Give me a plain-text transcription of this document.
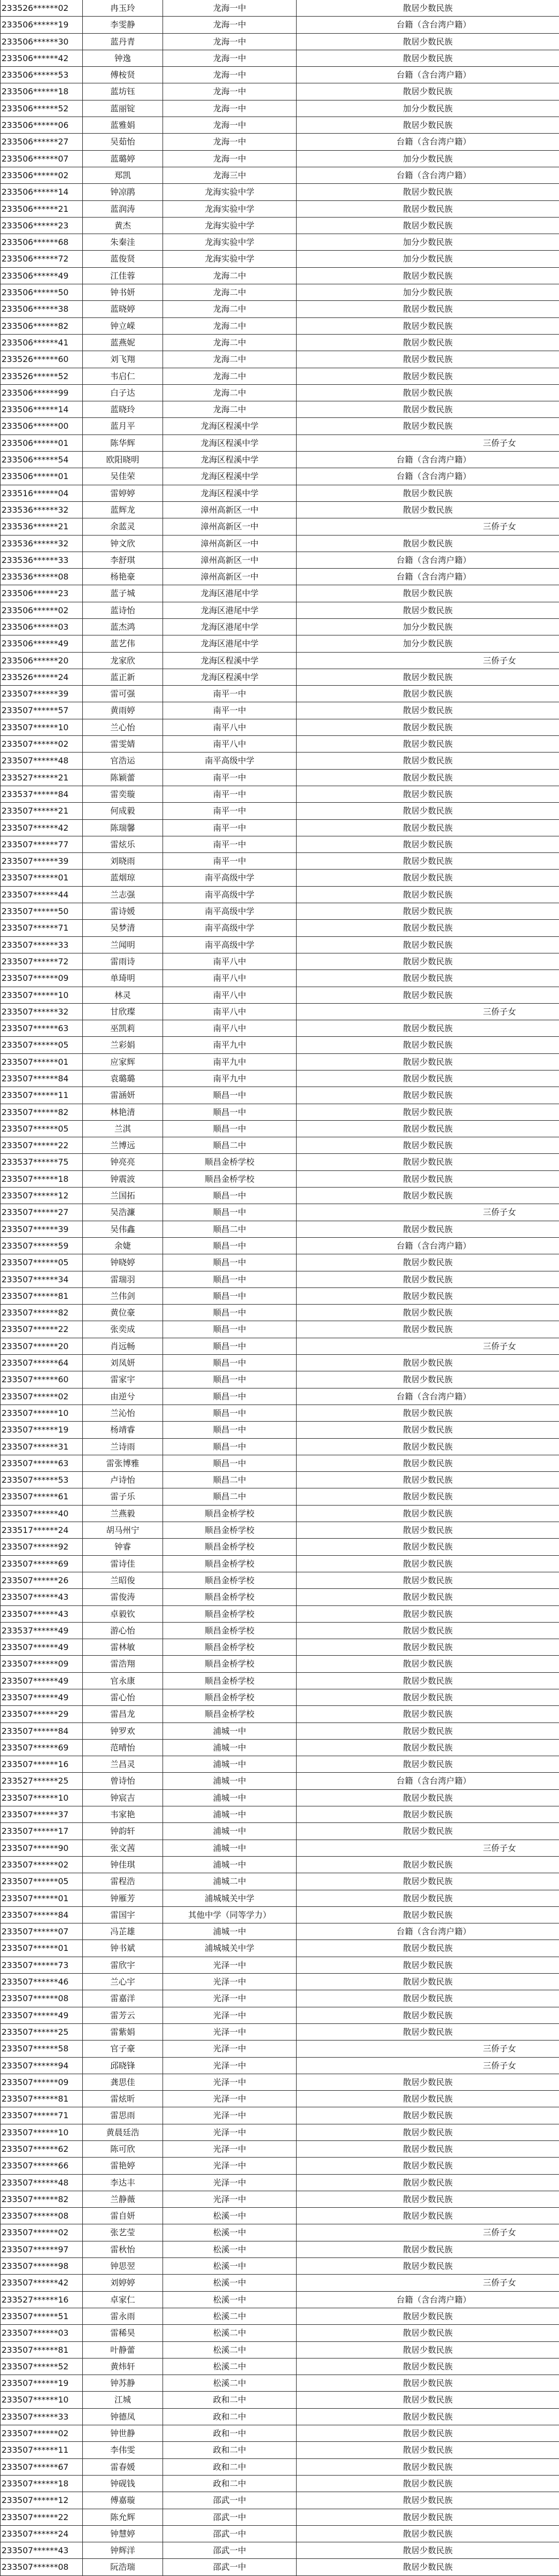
233526******02	冉玉玲	龙海一中	散居少数民族
233506******19	李雯静	龙海一中	台籍（含台湾户籍）
233506******30	蓝丹青	龙海一中	散居少数民族
233506******42	钟逸	龙海一中	散居少数民族
233506******53	傅桉贤	龙海一中	台籍（含台湾户籍）
233506******18	蓝坊钰	龙海一中	散居少数民族
233506******52	蓝丽锭	龙海一中	加分少数民族
233506******06	蓝雅娟	龙海一中	散居少数民族
233506******27	吴茹怡	龙海一中	台籍（含台湾户籍）
233506******07	蓝璐婷	龙海一中	加分少数民族
233506******02	郑凯	龙海三中	台籍（含台湾户籍）
233506******14	钟凉鹃	龙海实验中学	散居少数民族
233506******21	蓝润涛	龙海实验中学	散居少数民族
233506******23	黄杰	龙海实验中学	散居少数民族
233506******68	朱秦洼	龙海实验中学	加分少数民族
233506******72	蓝俊贤	龙海实验中学	加分少数民族
233506******49	江佳蓉	龙海二中	散居少数民族
233506******50	钟书妍	龙海二中	加分少数民族
233506******38	蓝晓婷	龙海二中	散居少数民族
233506******82	钟立嵘	龙海二中	散居少数民族
233506******41	蓝燕妮	龙海二中	散居少数民族
233526******60	刘飞翔	龙海二中	散居少数民族
233526******52	韦启仁	龙海二中	散居少数民族
233506******99	白子达	龙海二中	散居少数民族
233506******14	蓝晓玲	龙海二中	散居少数民族
233506******00	蓝月平	龙海区程溪中学	散居少数民族
233506******01	陈华辉	龙海区程溪中学	三侨子女
233506******54	欧阳晓明	龙海区程溪中学	台籍（含台湾户籍）
233506******01	吴佳荣	龙海区程溪中学	台籍（含台湾户籍）
233516******04	雷婷婷	龙海区程溪中学	散居少数民族
233536******32	蓝辉龙	漳州高新区一中	散居少数民族
233536******21	余蓝灵	漳州高新区一中	三侨子女
233536******32	钟文欣	漳州高新区一中	散居少数民族
233536******33	李舒琪	漳州高新区一中	台籍（含台湾户籍）
233536******08	杨艳豪	漳州高新区一中	台籍（含台湾户籍）
233506******23	蓝子城	龙海区港尾中学	散居少数民族
233506******02	蓝诗怡	龙海区港尾中学	散居少数民族
233506******03	蓝杰鸿	龙海区港尾中学	加分少数民族
233506******49	蓝艺伟	龙海区港尾中学	加分少数民族
233506******20	龙家欣	龙海区程溪中学	三侨子女
233526******24	蓝正新	龙海区程溪中学	散居少数民族
233507******39	雷可强	南平一中	散居少数民族
233507******57	黄雨婷	南平一中	散居少数民族
233507******10	兰心怡	南平八中	散居少数民族
233507******02	雷雯婧	南平八中	散居少数民族
233507******48	官浩运	南平高级中学	散居少数民族
233527******21	陈颖蕾	南平一中	散居少数民族
233537******84	雷奕璇	南平一中	散居少数民族
233507******21	何成毅	南平一中	散居少数民族
233507******42	陈瑞馨	南平一中	散居少数民族
233507******77	雷炫乐	南平一中	散居少数民族
233507******39	刘晓雨	南平一中	散居少数民族
233507******01	蓝烟琼	南平高级中学	散居少数民族
233507******44	兰志强	南平高级中学	散居少数民族
233507******50	雷诗媛	南平高级中学	散居少数民族
233507******71	吴梦清	南平高级中学	散居少数民族
233507******33	兰闻明	南平高级中学	散居少数民族
233507******72	雷雨诗	南平八中	散居少数民族
233507******09	单琦明	南平八中	散居少数民族
233507******10	林灵	南平八中	散居少数民族
233507******32	甘欣璨	南平八中	三侨子女
233507******63	巫凯莉	南平八中	散居少数民族
233507******05	兰彩娟	南平九中	散居少数民族
233507******01	应家辉	南平九中	散居少数民族
233507******84	袁璐璐	南平九中	散居少数民族
233507******11	雷涵妍	顺昌一中	散居少数民族
233507******82	林艳清	顺昌一中	散居少数民族
233507******05	兰淇	顺昌一中	散居少数民族
233507******22	兰博远	顺昌二中	散居少数民族
233537******75	钟亮亮	顺昌金桥学校	散居少数民族
233507******18	钟震波	顺昌金桥学校	散居少数民族
233507******12	兰国拓	顺昌一中	散居少数民族
233507******27	吴浩濂	顺昌一中	三侨子女
233507******39	吴伟鑫	顺昌二中	散居少数民族
233507******59	余婕	顺昌一中	台籍（含台湾户籍）
233507******05	钟晓婷	顺昌一中	散居少数民族
233507******34	雷瑞羽	顺昌一中	散居少数民族
233507******81	兰伟剑	顺昌一中	散居少数民族
233507******82	黄位豪	顺昌一中	散居少数民族
233507******22	张奕成	顺昌一中	散居少数民族
233507******20	肖远畅	顺昌一中	三侨子女
233507******64	刘凤妍	顺昌一中	散居少数民族
233507******60	雷家宇	顺昌一中	散居少数民族
233507******02	由逆兮	顺昌一中	台籍（含台湾户籍）
233507******10	兰沁怡	顺昌一中	散居少数民族
233507******19	杨靖睿	顺昌一中	散居少数民族
233507******31	兰诗雨	顺昌一中	散居少数民族
233507******63	雷张博雅	顺昌一中	散居少数民族
233507******53	卢诗怡	顺昌二中	散居少数民族
233507******61	雷子乐	顺昌二中	散居少数民族
233507******40	兰燕毅	顺昌金桥学校	散居少数民族
233517******24	胡马州宁	顺昌金桥学校	散居少数民族
233507******92	钟睿	顺昌金桥学校	散居少数民族
233507******69	雷诗佳	顺昌金桥学校	散居少数民族
233507******26	兰昭俊	顺昌金桥学校	散居少数民族
233507******43	雷俊涛	顺昌金桥学校	散居少数民族
233507******43	卓毅钦	顺昌金桥学校	散居少数民族
233537******49	游心怡	顺昌金桥学校	散居少数民族
233507******49	雷林敏	顺昌金桥学校	散居少数民族
233507******09	雷浩翔	顺昌金桥学校	散居少数民族
233507******49	官永康	顺昌金桥学校	散居少数民族
233507******49	雷心怡	顺昌金桥学校	散居少数民族
233507******29	雷昌龙	顺昌金桥学校	散居少数民族
233507******84	钟罗欢	浦城一中	散居少数民族
233507******69	范晴怡	浦城一中	散居少数民族
233507******16	兰昌灵	浦城一中	散居少数民族
233527******25	曾诗怡	浦城一中	台籍（含台湾户籍）
233507******10	钟宸吉	浦城一中	散居少数民族
233507******37	韦家艳	浦城一中	散居少数民族
233507******17	钟韵轩	浦城一中	散居少数民族
233507******90	张文茜	浦城一中	三侨子女
233507******02	钟佳琪	浦城一中	散居少数民族
233507******05	雷程浩	浦城二中	散居少数民族
233507******01	钟雁芳	浦城城关中学	散居少数民族
233507******84	雷国宇	其他中学（同等学力）	散居少数民族
233507******07	冯芷雄	浦城一中	台籍（含台湾户籍）
233507******01	钟书斌	浦城城关中学	散居少数民族
233507******73	雷欣宇	光泽一中	散居少数民族
233507******46	兰心宇	光泽一中	散居少数民族
233507******08	雷嘉洋	光泽一中	散居少数民族
233507******49	雷芳云	光泽一中	散居少数民族
233507******25	雷紫娟	光泽一中	散居少数民族
233507******58	官子豪	光泽一中	三侨子女
233507******94	邱晓锋	光泽一中	三侨子女
233507******09	龚思佳	光泽一中	散居少数民族
233507******81	雷炫昕	光泽一中	散居少数民族
233507******71	雷思雨	光泽一中	散居少数民族
233507******10	黄晨廷浩	光泽一中	散居少数民族
233507******62	陈可欣	光泽一中	散居少数民族
233507******66	雷艳婷	光泽一中	散居少数民族
233507******48	李达丰	光泽一中	散居少数民族
233507******82	兰静薇	光泽一中	散居少数民族
233507******08	雷自妍	松溪一中	散居少数民族
233507******02	张艺莹	松溪一中	三侨子女
233507******97	雷秋怡	松溪一中	散居少数民族
233507******98	钟思翌	松溪一中	散居少数民族
233507******42	刘婷婷	松溪一中	三侨子女
233527******16	卓家仁	松溪一中	台籍（含台湾户籍）
233507******51	雷永雨	松溪二中	散居少数民族
233507******03	雷稀昊	松溪二中	散居少数民族
233507******81	叶静蕾	松溪二中	散居少数民族
233507******52	黄炜轩	松溪二中	散居少数民族
233507******19	钟苏静	松溪二中	散居少数民族
233507******10	江城	政和二中	散居少数民族
233507******33	钟德凤	政和二中	散居少数民族
233507******02	钟世静	政和一中	散居少数民族
233507******11	李伟雯	政和二中	散居少数民族
233507******67	雷春媛	政和二中	散居少数民族
233507******18	钟砚钱	政和二中	散居少数民族
233507******12	傅嘉璇	邵武一中	散居少数民族
233507******22	陈允辉	邵武一中	散居少数民族
233507******24	钟慧婷	邵武一中	散居少数民族
233507******43	钟辉洋	邵武一中	散居少数民族
233507******08	阮浩瑞	邵武一中	散居少数民族
